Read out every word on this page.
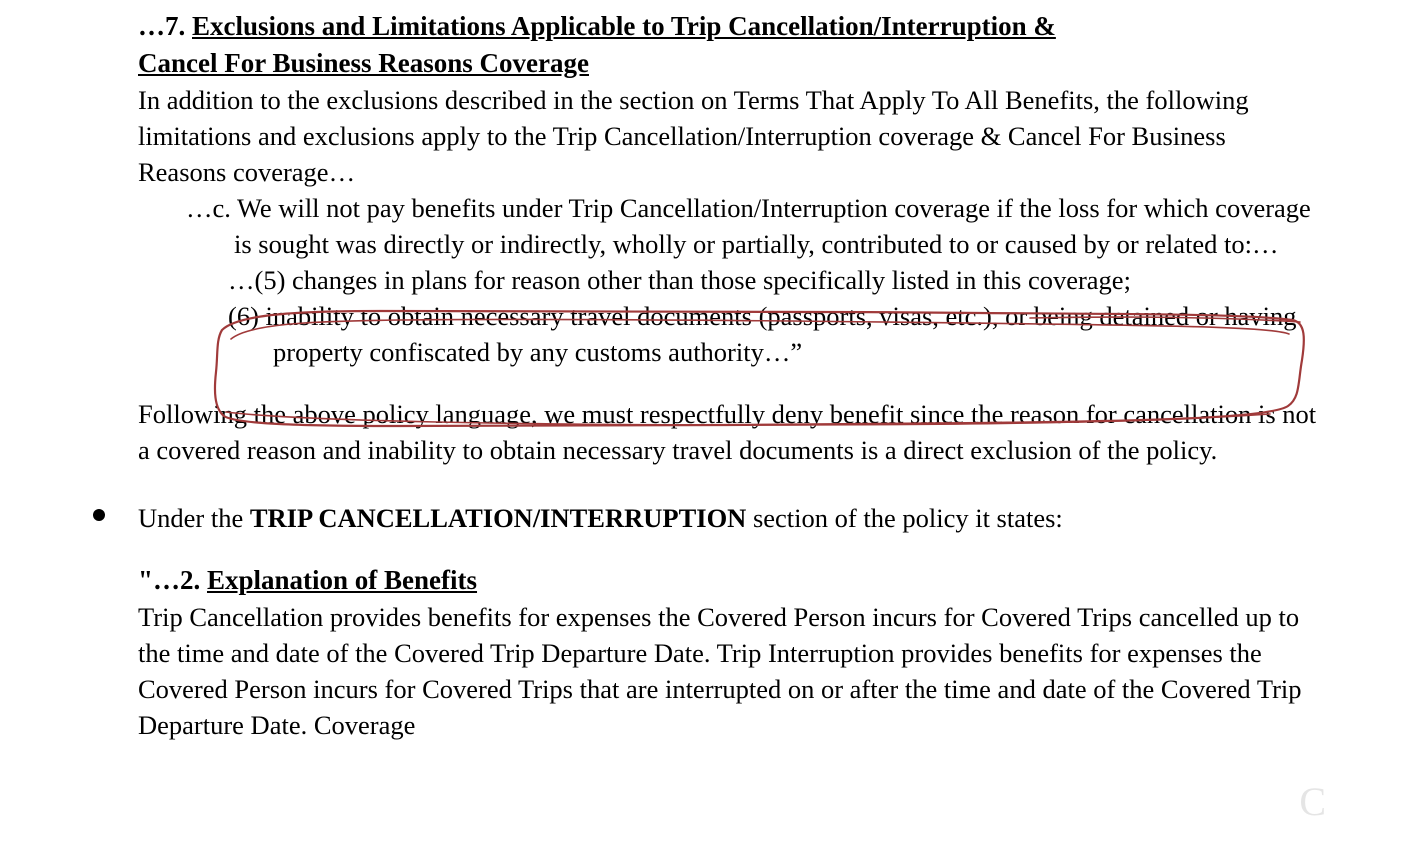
…7. Exclusions and Limitations Applicable to Trip Cancellation/Interruption &
Cancel For Business Reasons Coverage
In addition to the exclusions described in the section on Terms That Apply To All Benefits, the following limitations and exclusions apply to the Trip Cancellation/Interruption coverage & Cancel For Business Reasons coverage…
…c. We will not pay benefits under Trip Cancellation/Interruption coverage if the loss for which coverage is sought was directly or indirectly, wholly or partially, contributed to or caused by or related to:…
…(5) changes in plans for reason other than those specifically listed in this coverage;
(6) inability to obtain necessary travel documents (passports, visas, etc.), or being detained or having property confiscated by any customs authority…”
Following the above policy language, we must respectfully deny benefit since the reason for cancellation is not a covered reason and inability to obtain necessary travel documents is a direct exclusion of the policy.
Under the TRIP CANCELLATION/INTERRUPTION section of the policy it states:
"…2. Explanation of Benefits
Trip Cancellation provides benefits for expenses the Covered Person incurs for Covered Trips cancelled up to the time and date of the Covered Trip Departure Date. Trip Interruption provides benefits for expenses the Covered Person incurs for Covered Trips that are interrupted on or after the time and date of the Covered Trip Departure Date. Coverage
C
